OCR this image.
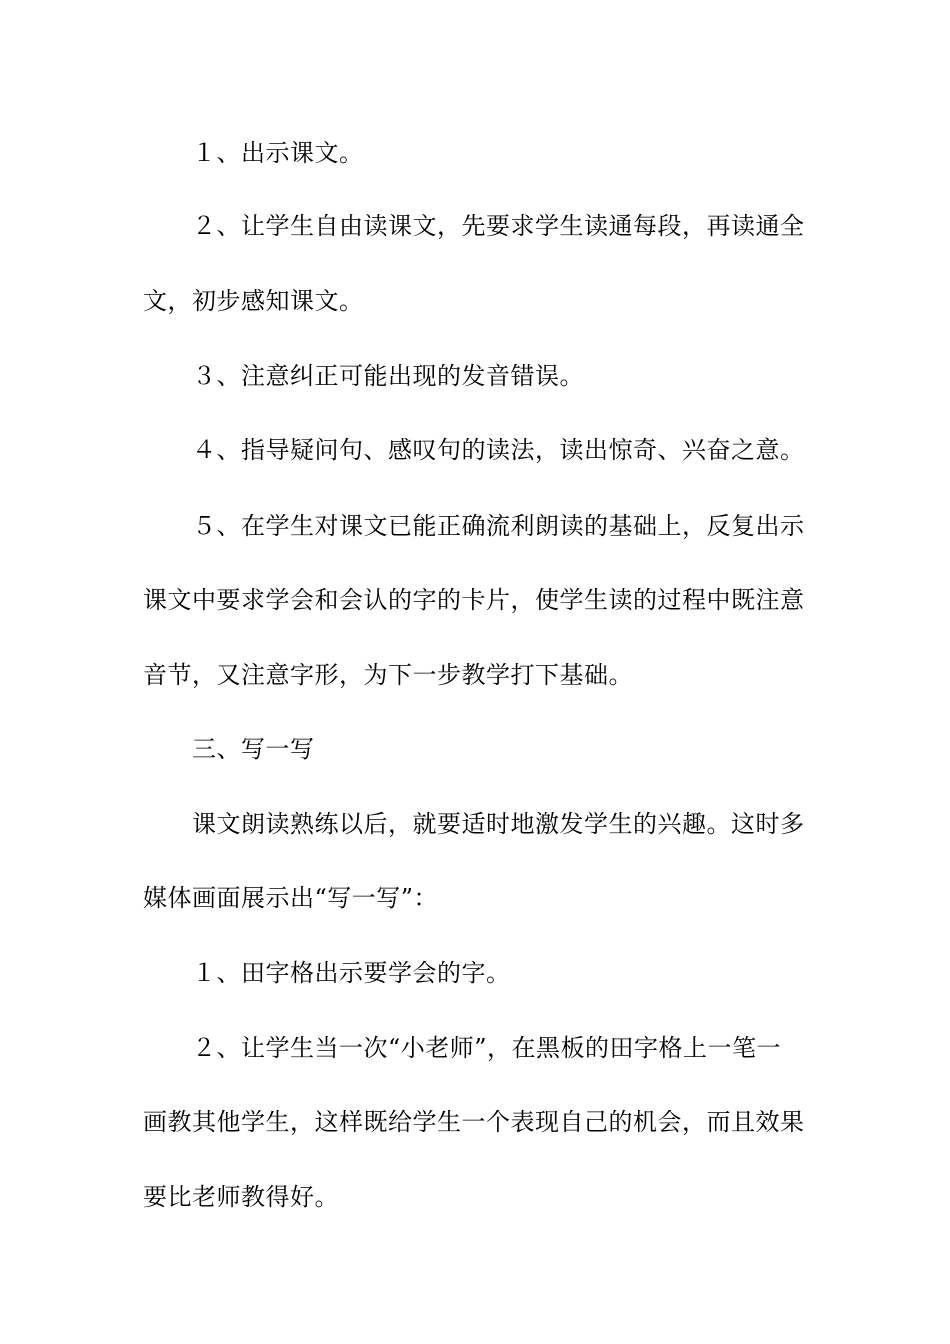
１、出示课文。
２、让学生自由读课文，先要求学生读通每段，再读通全
文，初步感知课文。
３、注意纠正可能出现的发音错误。
４、指导疑问句、感叹句的读法，读出惊奇、兴奋之意。
５、在学生对课文已能正确流利朗读的基础上，反复出示
课文中要求学会和会认的字的卡片，使学生读的过程中既注意
音节，又注意字形，为下一步教学打下基础。
三、写一写
课文朗读熟练以后，就要适时地激发学生的兴趣。这时多
媒体画面展示出“写一写”：
１、田字格出示要学会的字。
２、让学生当一次“小老师”，在黑板的田字格上一笔一
画教其他学生，这样既给学生一个表现自己的机会，而且效果
要比老师教得好。
